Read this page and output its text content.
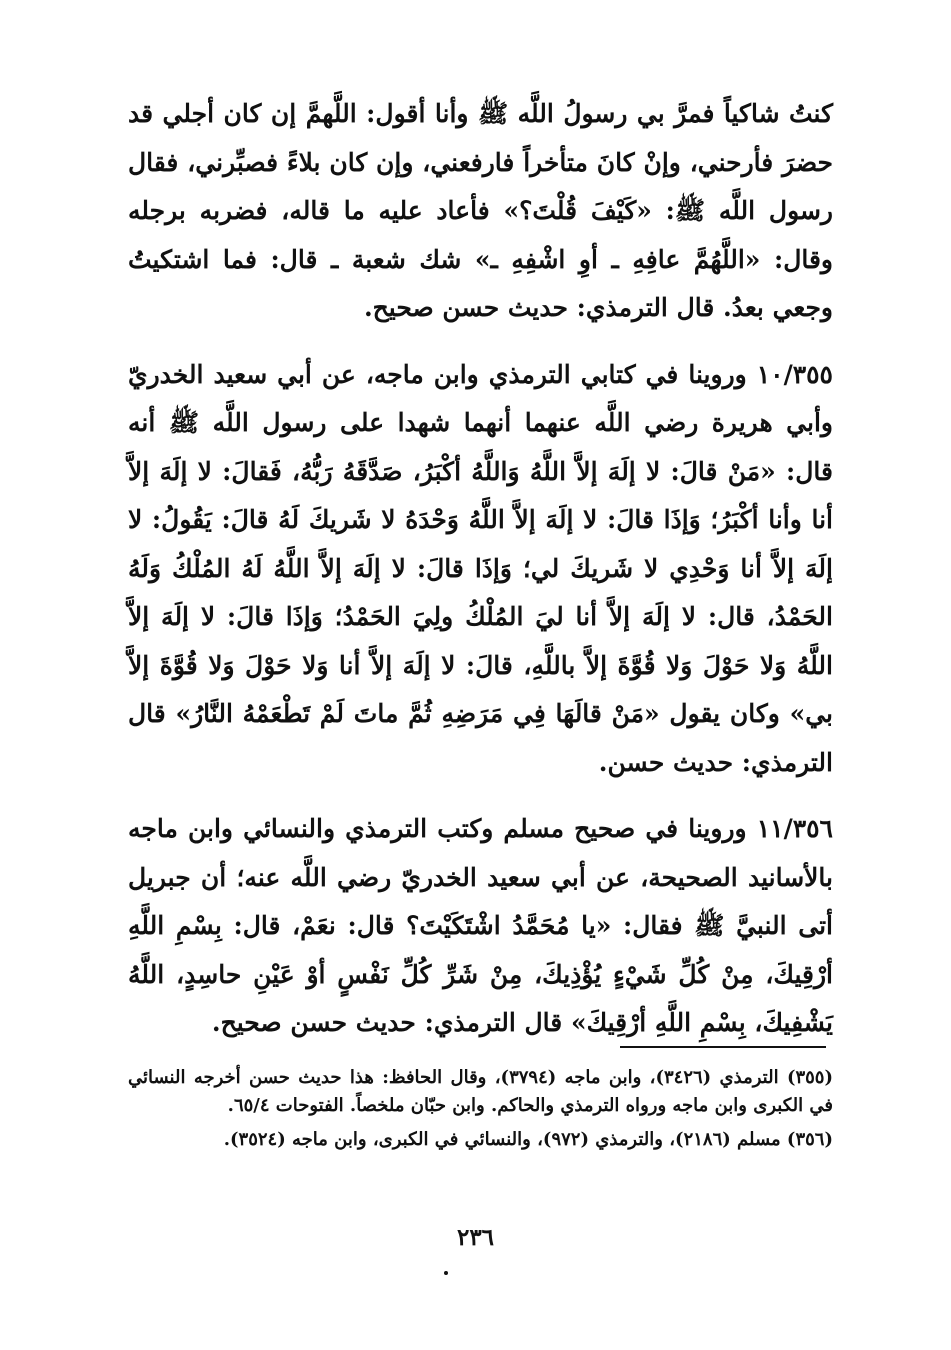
كنتُ شاكياً فمرَّ بي رسولُ اللَّه ﷺ وأنا أقول: اللَّهمَّ إن كان أجلي قد حضرَ فأرحني، وإنْ كانَ متأخراً فارفعني، وإن كان بلاءً فصبِّرني، فقال رسول اللَّه ﷺ: «كَيْفَ قُلْتَ؟» فأعاد عليه ما قاله، فضربه برجله وقال: «اللَّهُمَّ عافِهِ ـ أوِ اشْفِهِ ـ» شك شعبة ـ قال: فما اشتكيتُ وجعي بعدُ. قال الترمذي: حديث حسن صحيح.

١٠/٣٥٥ وروينا في كتابي الترمذي وابن ماجه، عن أبي سعيد الخدريّ وأبي هريرة رضي اللَّه عنهما أنهما شهدا على رسول اللَّه ﷺ أنه قال: «مَنْ قالَ: لا إلَهَ إلاَّ اللَّهُ وَاللَّهُ أكْبَرُ، صَدَّقَهُ رَبُّهُ، فَقالَ: لا إلَهَ إلاَّ أنا وأنا أكْبَرُ؛ وَإذَا قالَ: لا إلَهَ إلاَّ اللَّهُ وَحْدَهُ لا شَريكَ لَهُ قالَ: يَقُولُ: لا إلَهَ إلاَّ أنا وَحْدِي لا شَريكَ لي؛ وَإذَا قالَ: لا إلَهَ إلاَّ اللَّهُ لَهُ المُلْكُ وَلَهُ الحَمْدُ، قال: لا إلَهَ إلاَّ أنا ليَ المُلْكُ ولِيَ الحَمْدُ؛ وَإذَا قالَ: لا إلَهَ إلاَّ اللَّهُ وَلا حَوْلَ وَلا قُوَّةَ إلاَّ باللَّهِ، قالَ: لا إلَهَ إلاَّ أنا وَلا حَوْلَ وَلا قُوَّةَ إلاَّ بي» وكان يقول «مَنْ قالَهَا فِي مَرَضِهِ ثُمَّ ماتَ لَمْ تَطْعَمْهُ النَّارُ» قال الترمذي: حديث حسن.

١١/٣٥٦ وروينا في صحيح مسلم وكتب الترمذي والنسائي وابن ماجه بالأسانيد الصحيحة، عن أبي سعيد الخدريّ رضي اللَّه عنه؛ أن جبريل أتى النبيَّ ﷺ فقال: «يا مُحَمَّدُ اشْتَكَيْتَ؟ قال: نعَمْ، قال: بِسْمِ اللَّهِ أرْقِيكَ، مِنْ كُلِّ شَيْءٍ يُؤْذِيكَ، مِنْ شَرِّ كُلِّ نَفْسٍ أوْ عَيْنِ حاسِدٍ، اللَّهُ يَشْفِيكَ، بِسْمِ اللَّهِ أرْقِيكَ» قال الترمذي: حديث حسن صحيح.

(٣٥٥) الترمذي (٣٤٢٦)، وابن ماجه (٣٧٩٤)، وقال الحافظ: هذا حديث حسن أخرجه النسائي في الكبرى وابن ماجه ورواه الترمذي والحاكم. وابن حبّان ملخصاً. الفتوحات ٦٥/٤.

(٣٥٦) مسلم (٢١٨٦)، والترمذي (٩٧٢)، والنسائي في الكبرى، وابن ماجه (٣٥٢٤).

٢٣٦
